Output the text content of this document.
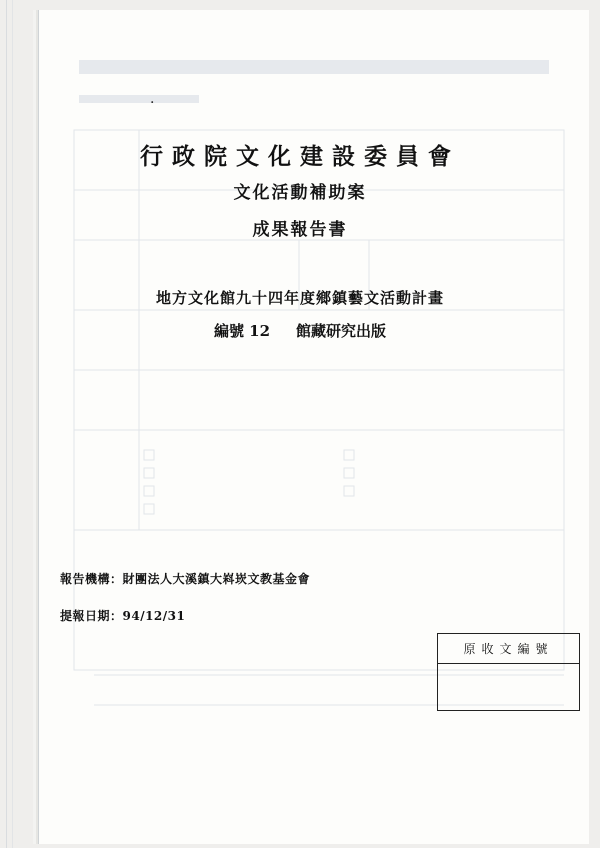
·
行政院文化建設委員會
文化活動補助案
成果報告書
地方文化館九十四年度鄉鎮藝文活動計畫
編號 12 館藏研究出版
報告機構：財團法人大溪鎮大嵙崁文教基金會
提報日期：94/12/31
原收文編號
